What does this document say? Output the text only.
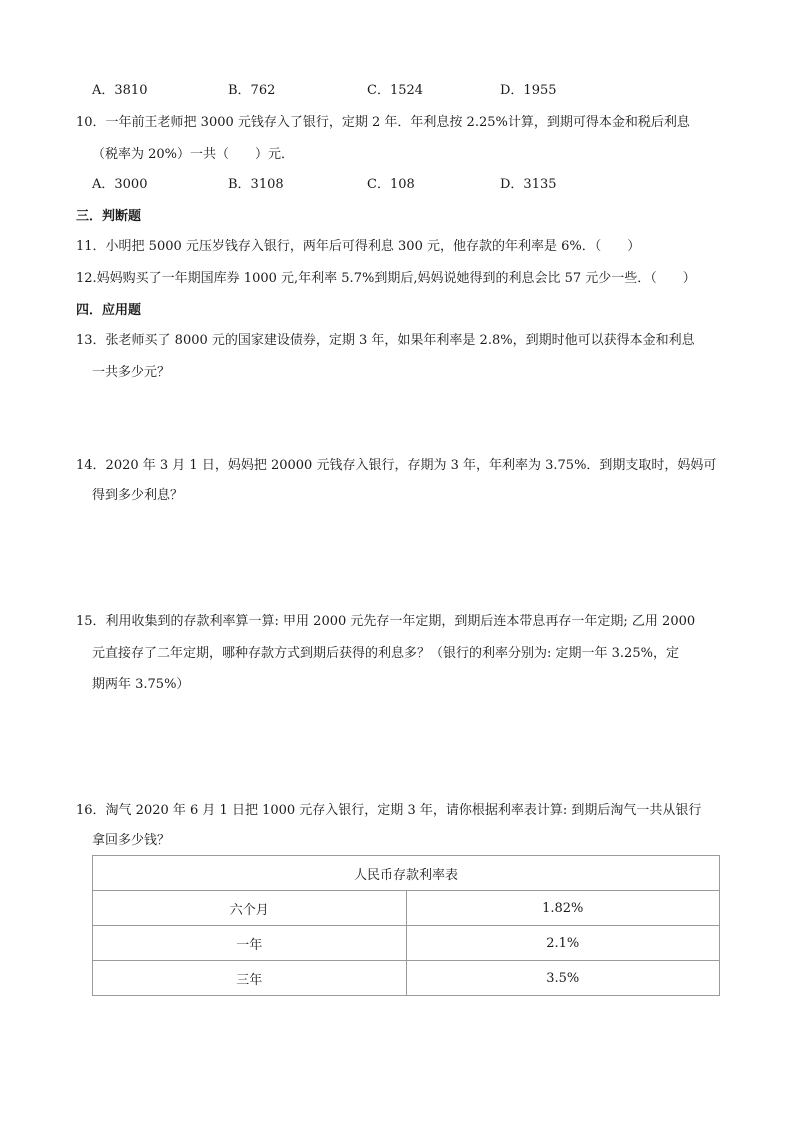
A．3810	B．762	C．1524	D．1955
10．一年前王老师把 3000 元钱存入了银行，定期 2 年．年利息按 2.25%计算，到期可得本金和税后利息
（税率为 20%）一共（　　）元．
A．3000	B．3108	C．108	D．3135
三．判断题
11．小明把 5000 元压岁钱存入银行，两年后可得利息 300 元，他存款的年利率是 6%．（　　）
12.妈妈购买了一年期国库券 1000 元,年利率 5.7%到期后,妈妈说她得到的利息会比 57 元少一些．（　　）
四．应用题
13．张老师买了 8000 元的国家建设债券，定期 3 年，如果年利率是 2.8%，到期时他可以获得本金和利息
一共多少元？
14．2020 年 3 月 1 日，妈妈把 20000 元钱存入银行，存期为 3 年，年利率为 3.75%．到期支取时，妈妈可
得到多少利息？
15．利用收集到的存款利率算一算: 甲用 2000 元先存一年定期，到期后连本带息再存一年定期; 乙用 2000
元直接存了二年定期，哪种存款方式到期后获得的利息多？（银行的利率分别为: 定期一年 3.25%，定
期两年 3.75%）
16．淘气 2020 年 6 月 1 日把 1000 元存入银行，定期 3 年，请你根据利率表计算: 到期后淘气一共从银行
拿回多少钱？
人民币存款利率表	
六个月	1.82%
一年	2.1%
三年	3.5%
